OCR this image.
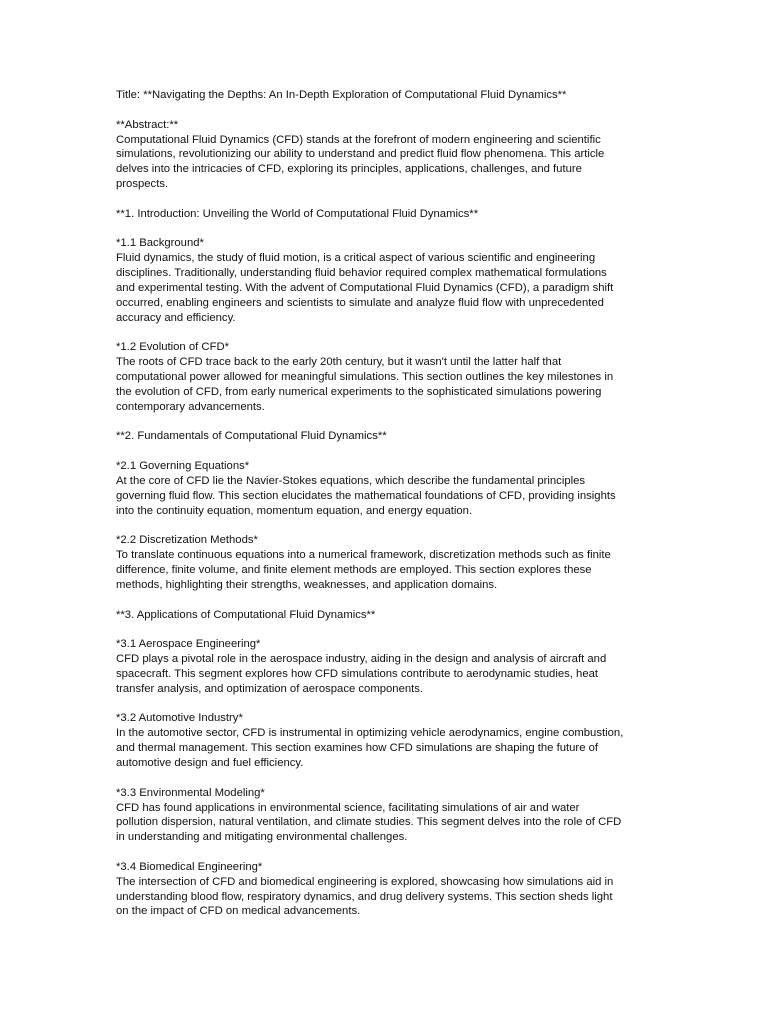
Title: **Navigating the Depths: An In-Depth Exploration of Computational Fluid Dynamics**

**Abstract:**
Computational Fluid Dynamics (CFD) stands at the forefront of modern engineering and scientific
simulations, revolutionizing our ability to understand and predict fluid flow phenomena. This article
delves into the intricacies of CFD, exploring its principles, applications, challenges, and future
prospects.

**1. Introduction: Unveiling the World of Computational Fluid Dynamics**

*1.1 Background*
Fluid dynamics, the study of fluid motion, is a critical aspect of various scientific and engineering
disciplines. Traditionally, understanding fluid behavior required complex mathematical formulations
and experimental testing. With the advent of Computational Fluid Dynamics (CFD), a paradigm shift
occurred, enabling engineers and scientists to simulate and analyze fluid flow with unprecedented
accuracy and efficiency.

*1.2 Evolution of CFD*
The roots of CFD trace back to the early 20th century, but it wasn't until the latter half that
computational power allowed for meaningful simulations. This section outlines the key milestones in
the evolution of CFD, from early numerical experiments to the sophisticated simulations powering
contemporary advancements.

**2. Fundamentals of Computational Fluid Dynamics**

*2.1 Governing Equations*
At the core of CFD lie the Navier-Stokes equations, which describe the fundamental principles
governing fluid flow. This section elucidates the mathematical foundations of CFD, providing insights
into the continuity equation, momentum equation, and energy equation.

*2.2 Discretization Methods*
To translate continuous equations into a numerical framework, discretization methods such as finite
difference, finite volume, and finite element methods are employed. This section explores these
methods, highlighting their strengths, weaknesses, and application domains.

**3. Applications of Computational Fluid Dynamics**

*3.1 Aerospace Engineering*
CFD plays a pivotal role in the aerospace industry, aiding in the design and analysis of aircraft and
spacecraft. This segment explores how CFD simulations contribute to aerodynamic studies, heat
transfer analysis, and optimization of aerospace components.

*3.2 Automotive Industry*
In the automotive sector, CFD is instrumental in optimizing vehicle aerodynamics, engine combustion,
and thermal management. This section examines how CFD simulations are shaping the future of
automotive design and fuel efficiency.

*3.3 Environmental Modeling*
CFD has found applications in environmental science, facilitating simulations of air and water
pollution dispersion, natural ventilation, and climate studies. This segment delves into the role of CFD
in understanding and mitigating environmental challenges.

*3.4 Biomedical Engineering*
The intersection of CFD and biomedical engineering is explored, showcasing how simulations aid in
understanding blood flow, respiratory dynamics, and drug delivery systems. This section sheds light
on the impact of CFD on medical advancements.
